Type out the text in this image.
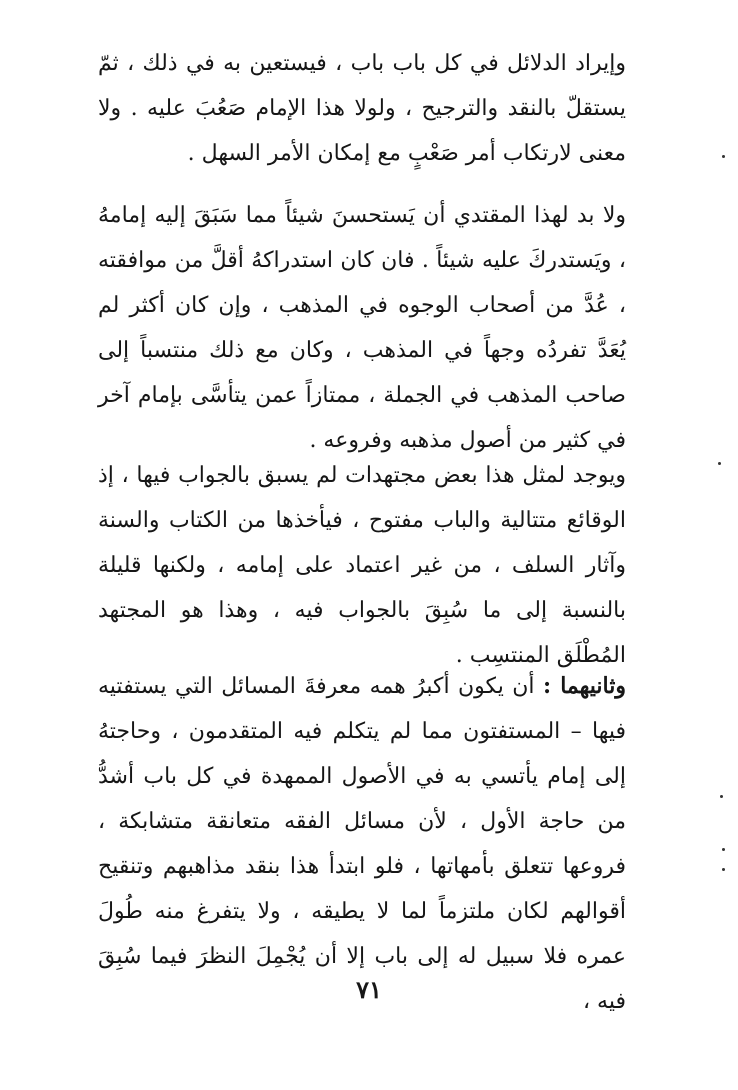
وإيراد الدلائل في كل باب باب ، فيستعين به في ذلك ، ثمّ يستقلّ بالنقد والترجيح ، ولولا هذا الإمام صَعُبَ عليه . ولا معنى لارتكاب أمر صَعْبٍ مع إمكان الأمر السهل .

ولا بد لهذا المقتدي أن يَستحسنَ شيئاً مما سَبَقَ إليه إمامهُ ، ويَستدركَ عليه شيئاً . فان كان استدراكهُ أقلَّ من موافقته ، عُدَّ من أصحاب الوجوه في المذهب ، وإن كان أكثر لم يُعَدَّ تفردُه وجهاً في المذهب ، وكان مع ذلك منتسباً إلى صاحب المذهب في الجملة ، ممتازاً عمن يتأسَّى بإمام آخر في كثير من أصول مذهبه وفروعه .

ويوجد لمثل هذا بعض مجتهدات لم يسبق بالجواب فيها ، إذ الوقائع متتالية والباب مفتوح ، فيأخذها من الكتاب والسنة وآثار السلف ، من غير اعتماد على إمامه ، ولكنها قليلة بالنسبة إلى ما سُبِقَ بالجواب فيه ، وهذا هو المجتهد المُطْلَق المنتسِب .

وثانيهما : أن يكون أكبرُ همه معرفةَ المسائل التي يستفتيه فيها – المستفتون مما لم يتكلم فيه المتقدمون ، وحاجتهُ إلى إمام يأتسي به في الأصول الممهدة في كل باب أشدُّ من حاجة الأول ، لأن مسائل الفقه متعانقة متشابكة ، فروعها تتعلق بأمهاتها ، فلو ابتدأ هذا بنقد مذاهبهم وتنقيح أقوالهم لكان ملتزماً لما لا يطيقه ، ولا يتفرغ منه طُولَ عمره فلا سبيل له إلى باب إلا أن يُجْمِلَ النظرَ فيما سُبِقَ فيه ،

٧١
